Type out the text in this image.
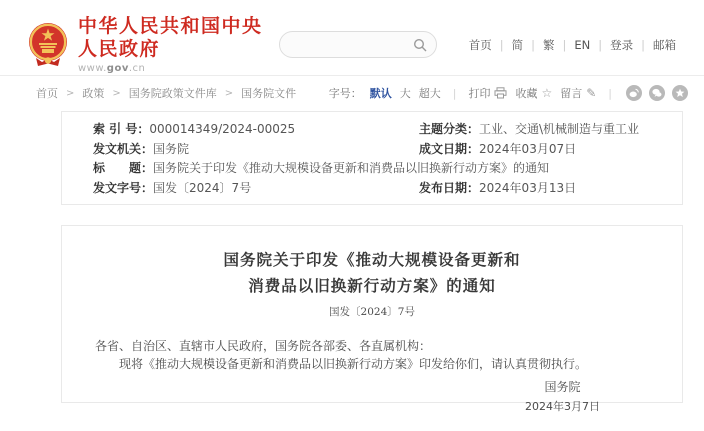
中华人民共和国中央人民政府
www.gov.cn
首页 | 简 | 繁 | EN | 登录 | 邮箱
首页 > 政策 > 国务院政策文件库 > 国务院文件	字号： 默认 大 超大	|	打印 收藏 ☆ 留言 ✎	|
索 引 号： 000014349/2024-00025	主题分类： 工业、交通\机械制造与重工业
发文机关： 国务院	成文日期： 2024年03月07日
标　　题： 国务院关于印发《推动大规模设备更新和消费品以旧换新行动方案》的通知
发文字号： 国发〔2024〕7号	发布日期： 2024年03月13日
国务院关于印发《推动大规模设备更新和
消费品以旧换新行动方案》的通知
国发〔2024〕7号

各省、自治区、直辖市人民政府，国务院各部委、各直属机构：

现将《推动大规模设备更新和消费品以旧换新行动方案》印发给你们，请认真贯彻执行。

国务院
2024年3月7日
